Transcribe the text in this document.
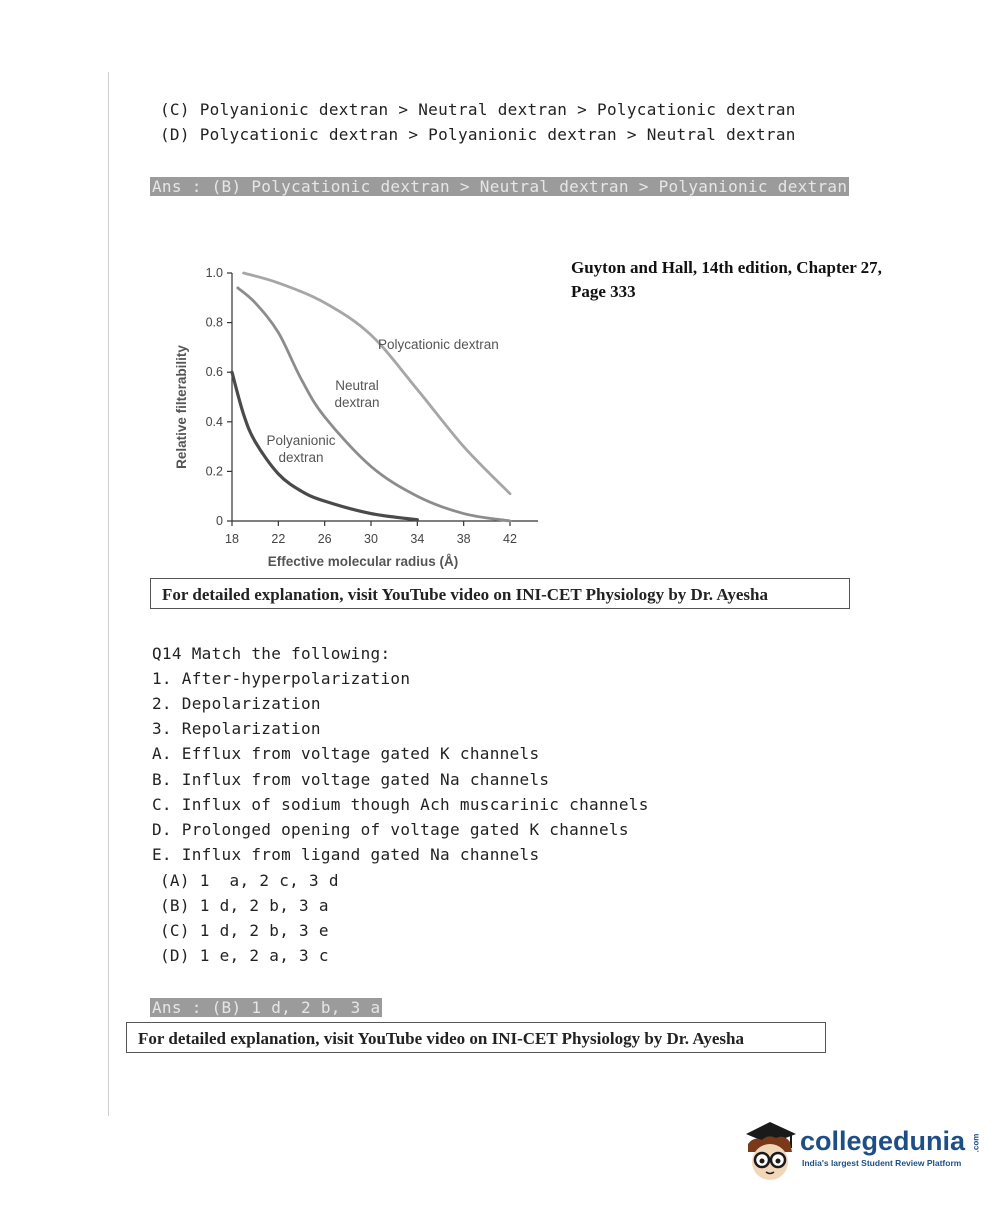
(C) Polyanionic dextran > Neutral dextran > Polycationic dextran
(D) Polycationic dextran > Polyanionic dextran > Neutral dextran
Ans : (B) Polycationic dextran > Neutral dextran > Polyanionic dextran
Guyton and Hall, 14th edition, Chapter 27,
Page 333
0
0.2
0.4
0.6
0.8
1.0
18	22	26	30	34	38	42
Effective molecular radius (Å)
Relative filterability
Polycationic dextran
Neutral
dextran
Polyanionic
dextran
For detailed explanation, visit YouTube video on INI-CET Physiology by Dr. Ayesha
Q14 Match the following:
1. After-hyperpolarization
2. Depolarization
3. Repolarization
A. Efflux from voltage gated K channels
B. Influx from voltage gated Na channels
C. Influx of sodium though Ach muscarinic channels
D. Prolonged opening of voltage gated K channels
E. Influx from ligand gated Na channels
(A) 1  a, 2 c, 3 d
(B) 1 d, 2 b, 3 a
(C) 1 d, 2 b, 3 e
(D) 1 e, 2 a, 3 c
Ans : (B) 1 d, 2 b, 3 a
For detailed explanation, visit YouTube video on INI-CET Physiology by Dr. Ayesha
collegedunia .com
India's largest Student Review Platform
